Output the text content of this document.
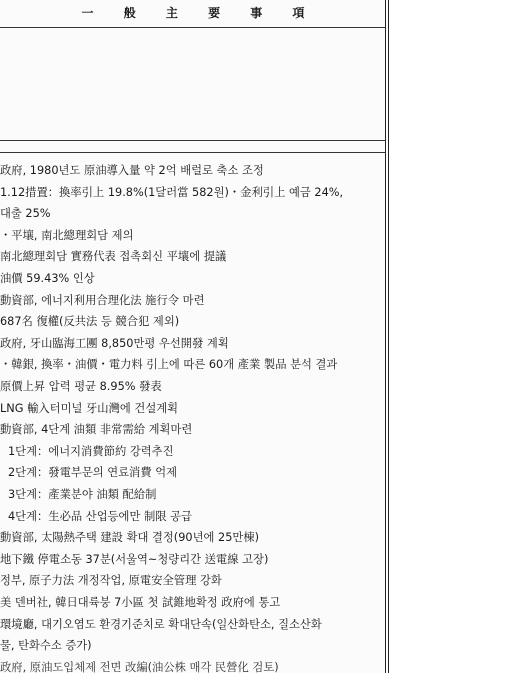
一 般 主 要 事 項
政府, 1980년도 原油導入量 약 2억 배럴로 축소 조정
1.12措置：換率引上 19.8%(1달러當 582원)・金利引上 예금 24%,
대출 25%
・平壤, 南北總理회담 제의
南北總理회담 實務代表 접촉회신 平壤에 提議
油價 59.43% 인상
動資部, 에너지利用合理化法 施行令 마련
687名 復權(反共法 등 競合犯 제외)
政府, 牙山臨海工團 8,850만평 우선開發 계획
・韓銀, 換率・油價・電力料 引上에 따른 60개 產業 製品 분석 결과
原價上昇 압력 평균 8.95% 發表
LNG 輸入터미널 牙山灣에 건설계획
動資部, 4단계 油類 非常需給 계획마련
1단계：에너지消費節約 강력추진
2단계：發電부문의 연료消費 억제
3단계：產業분야 油類 配給制
4단계：生必品 산업등에만 制限 공급
動資部, 太陽熱주택 建設 확대 결정(90년에 25만棟)
地下鐵 停電소동 37분(서울역~청량리간 送電線 고장)
정부, 原子力法 개정작업, 原電安全管理 강화
美 덴버社, 韓日대륙붕 7小區 첫 試錐地확정 政府에 통고
環境廳, 대기오염도 환경기준치로 확대단속(일산화탄소, 질소산화
물, 탄화수소 증가)
政府, 原油도입체제 전면 改編(油公株 매각 民營化 검토)
